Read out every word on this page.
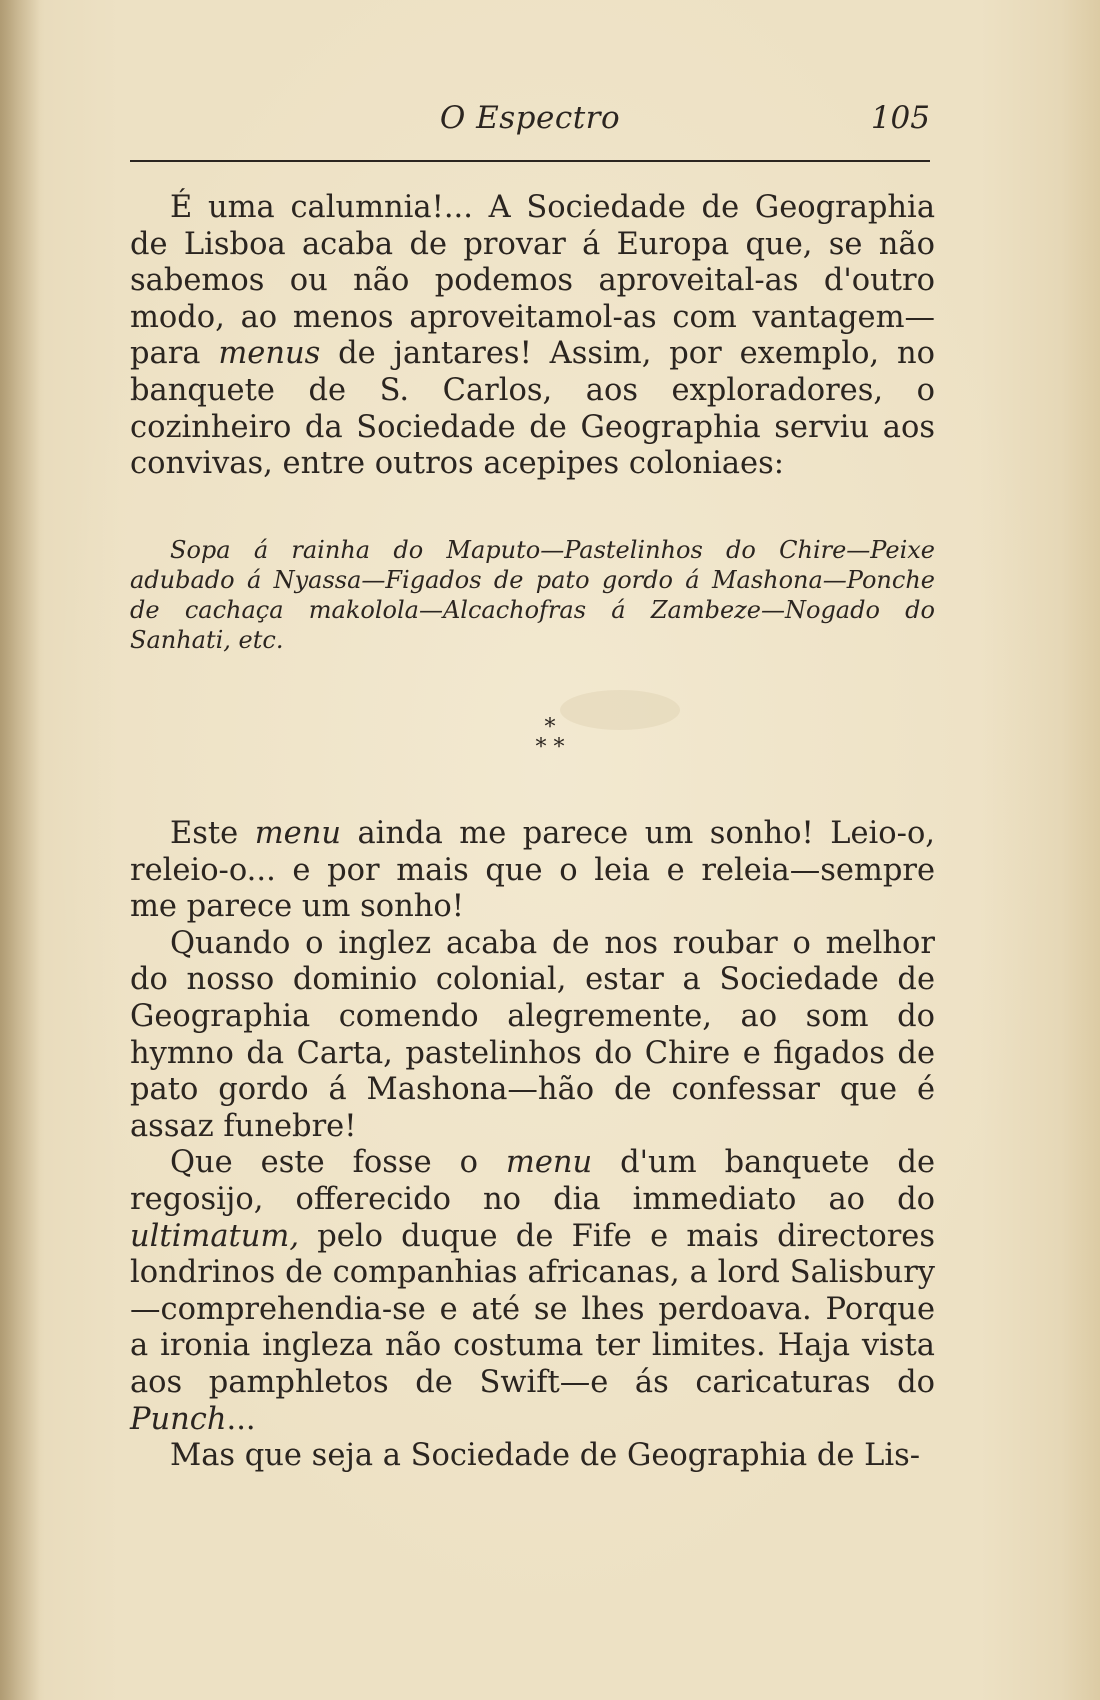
O Espectro	105

É uma calumnia!... A Sociedade de Geographia de Lisboa acaba de provar á Europa que, se não sabemos ou não podemos aproveital-as d'outro modo, ao menos aproveitamol-as com vantagem—para menus de jantares! Assim, por exemplo, no banquete de S. Carlos, aos exploradores, o cozinheiro da Sociedade de Geographia serviu aos convivas, entre outros acepipes coloniaes:

Sopa á rainha do Maputo—Pastelinhos do Chire—Peixe adubado á Nyassa—Figados de pato gordo á Mashona—Ponche de cachaça makolola—Alcachofras á Zambeze—Nogado do Sanhati, etc.

*
* *

Este menu ainda me parece um sonho! Leio-o, releio-o... e por mais que o leia e releia—sempre me parece um sonho!

Quando o inglez acaba de nos roubar o melhor do nosso dominio colonial, estar a Sociedade de Geographia comendo alegremente, ao som do hymno da Carta, pastelinhos do Chire e figados de pato gordo á Mashona—hão de confessar que é assaz funebre!

Que este fosse o menu d'um banquete de regosijo, offerecido no dia immediato ao do ultimatum, pelo duque de Fife e mais directores londrinos de companhias africanas, a lord Salisbury—comprehendia-se e até se lhes perdoava. Porque a ironia ingleza não costuma ter limites. Haja vista aos pamphletos de Swift—e ás caricaturas do Punch...

Mas que seja a Sociedade de Geographia de Lis-
